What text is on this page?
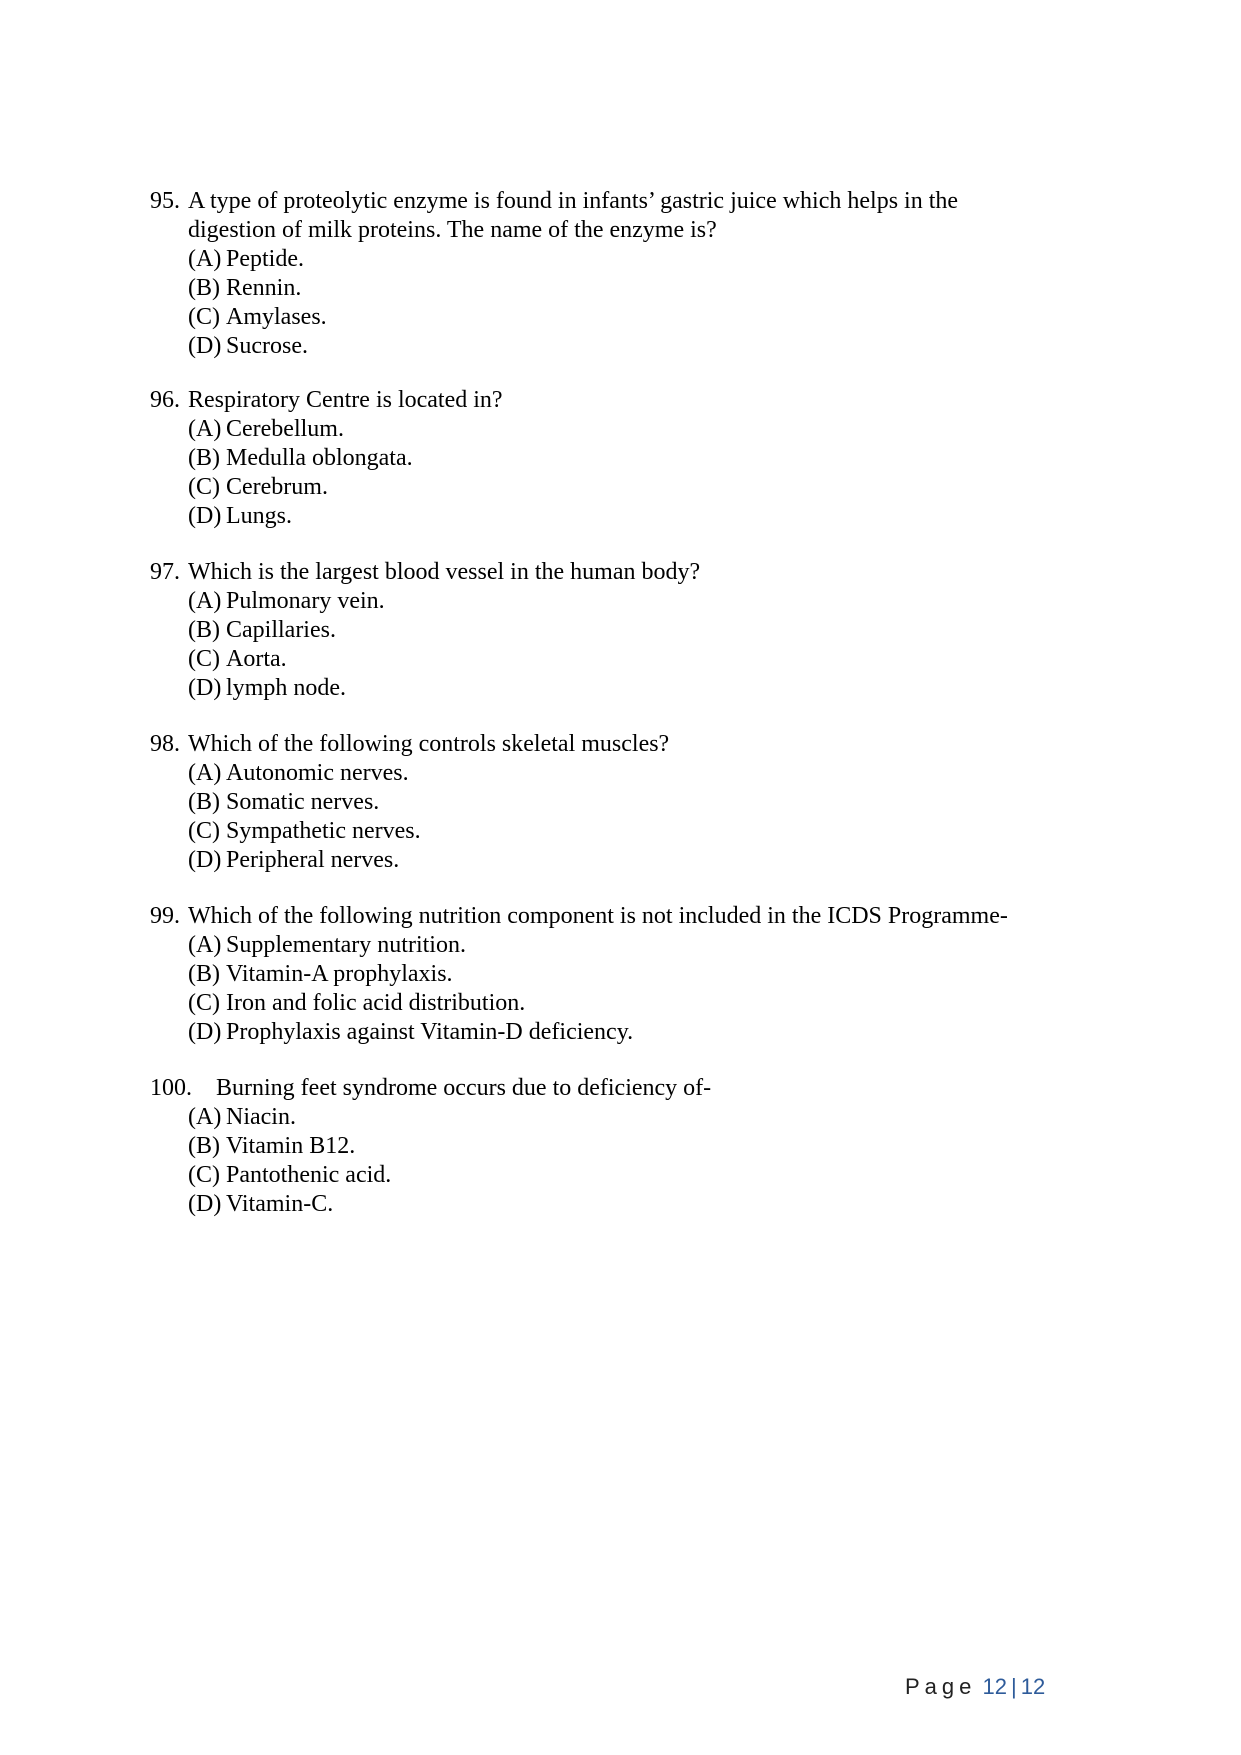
95. A type of proteolytic enzyme is found in infants’ gastric juice which helps in the
digestion of milk proteins. The name of the enzyme is?
(A) Peptide.
(B) Rennin.
(C) Amylases.
(D) Sucrose.
96. Respiratory Centre is located in?
(A) Cerebellum.
(B) Medulla oblongata.
(C) Cerebrum.
(D) Lungs.
97. Which is the largest blood vessel in the human body?
(A) Pulmonary vein.
(B) Capillaries.
(C) Aorta.
(D) lymph node.
98. Which of the following controls skeletal muscles?
(A) Autonomic nerves.
(B) Somatic nerves.
(C) Sympathetic nerves.
(D) Peripheral nerves.
99. Which of the following nutrition component is not included in the ICDS Programme-
(A) Supplementary nutrition.
(B) Vitamin-A prophylaxis.
(C) Iron and folic acid distribution.
(D) Prophylaxis against Vitamin-D deficiency.
100.	Burning feet syndrome occurs due to deficiency of-
(A) Niacin.
(B) Vitamin B12.
(C) Pantothenic acid.
(D) Vitamin-C.
Page 12 | 12
